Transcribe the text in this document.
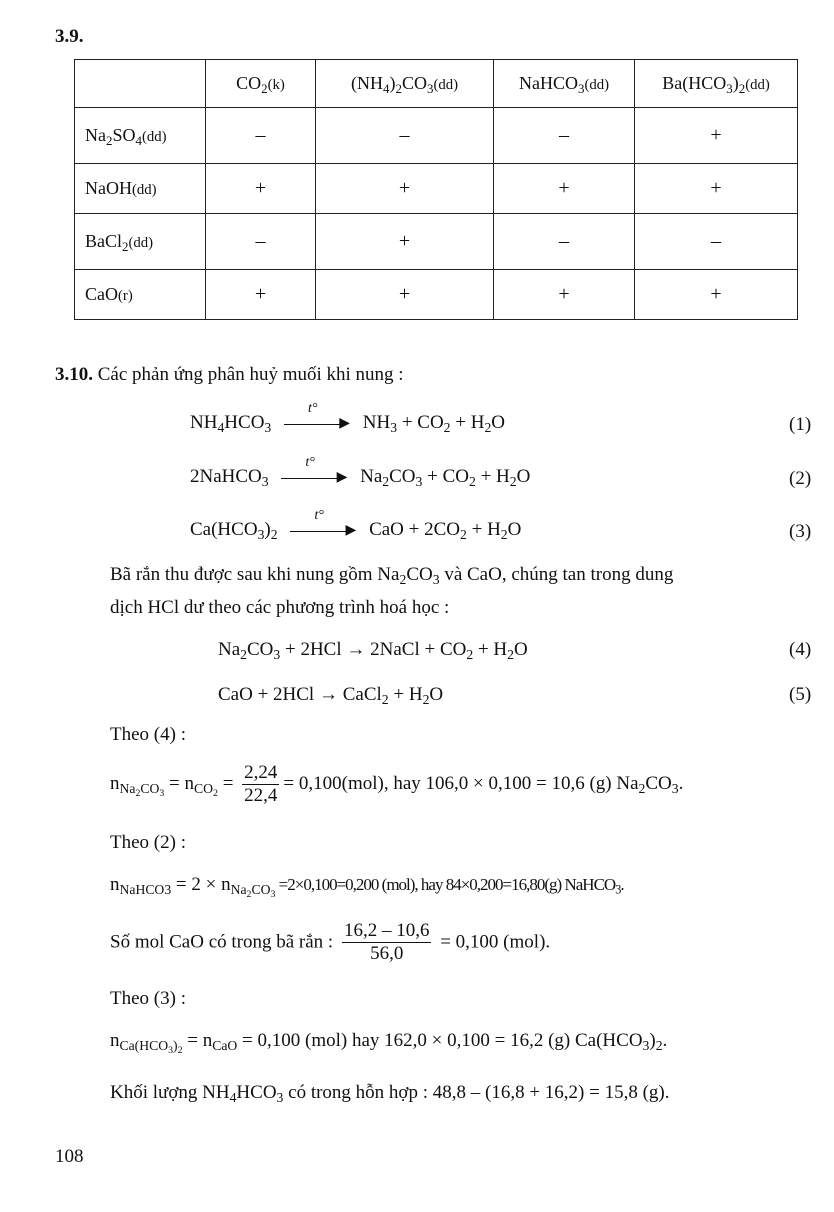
3.9.
	$CO_2(k)$	$(NH_4)_2CO_3(dd)$	NaHCO$_3$(dd)	$Ba(HCO_3)_2(dd)$
$Na_2SO_4(dd)$	–	–	–	+
NaOH(dd)	+	+	+	+
BaCl$_2$(dd)	–	+	–	–
CaO(r)	+	+	+	+
3.10. Các phản ứng phân huỷ muối khi nung :
$NH_4HCO_3$
t°
▶ $NH_3 + CO_2 + H_2O$	(1)
2NaHCO$_3$
t°
▶ $Na_2CO_3 + CO_2 + H_2O$	(2)
$Ca(HCO_3)_2$
t°
▶ CaO + $2CO_2 + H_2O$	(3)
Bã rắn thu được sau khi nung gồm $Na_2CO_3$ và CaO, chúng tan trong dung
dịch HCl dư theo các phương trình hoá học :
$Na_2CO_3 + 2HCl$ → 2NaCl + $CO_2 + H_2O$	(4)
CaO + 2HCl → CaCl$_2$ + $H_2O$	(5)
Theo (4) :
$n_{Na_2CO_3} = n_{CO_2} = \frac{2,24}{22,4} = 0,100(mol)$, hay 106,0 × 0,100 = 10,6 (g) $Na_2CO_3$.
Theo (2) :
$n_{NaHCO3} = 2 \times n_{Na_2CO_3} =2\times 0,100=0,200$ (mol), hay 84×0,200=16,80(g) NaHCO$_3$.
Số mol CaO có trong bã rắn : $\frac{16,2 - 10,6}{56,0} = 0,100$ (mol).
Theo (3) :
$n_{Ca(HCO_3)_2} = n_{CaO} = 0,100$ (mol) hay 162,0 × 0,100 = 16,2 (g) $Ca(HCO_3)_2$.
Khối lượng $NH_4HCO_3$ có trong hỗn hợp : 48,8 – (16,8 + 16,2) = 15,8 (g).
108
